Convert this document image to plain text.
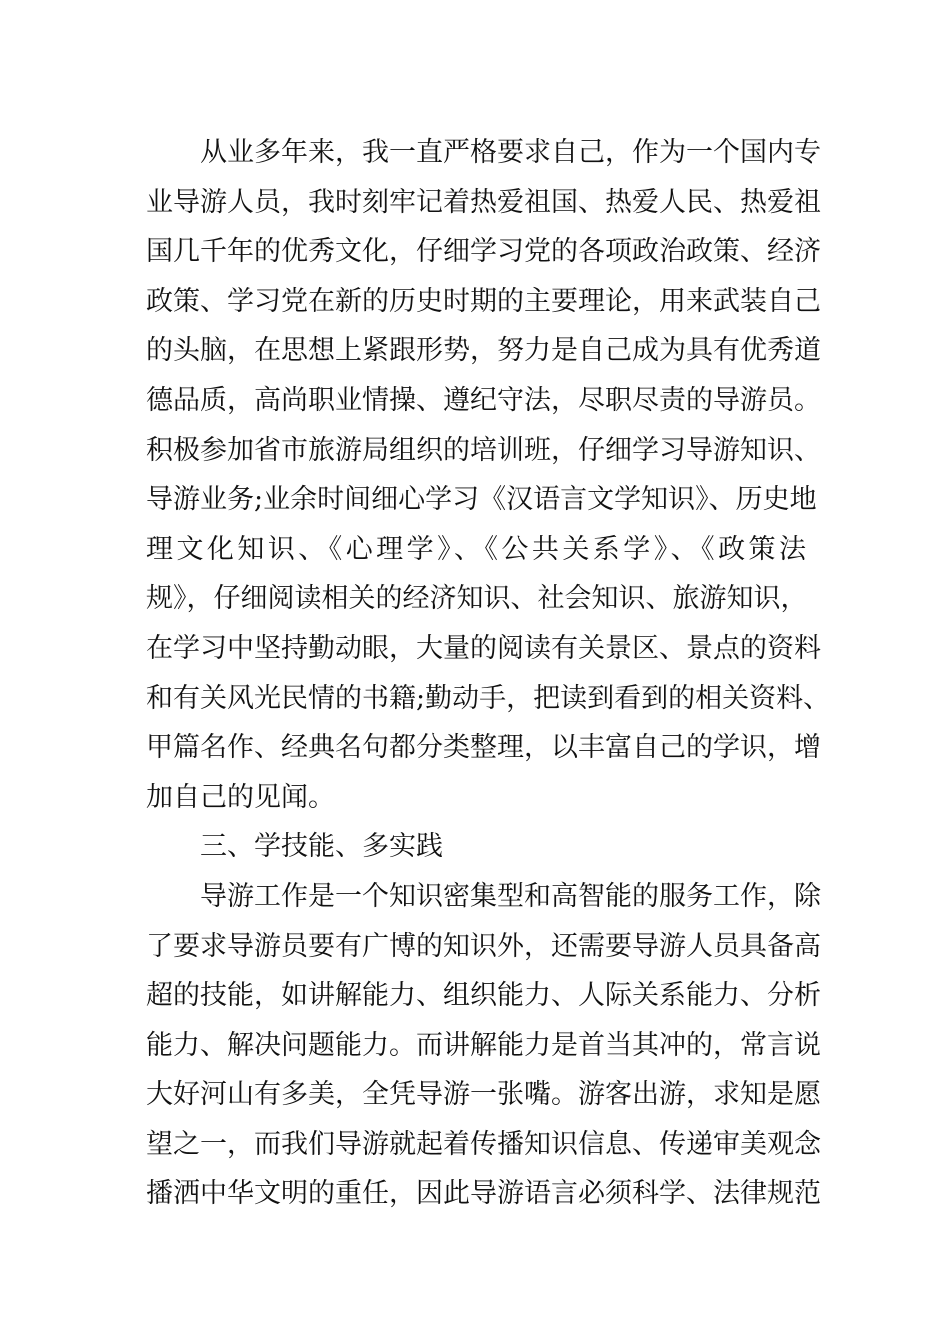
从业多年来，我一直严格要求自己，作为一个国内专
业导游人员，我时刻牢记着热爱祖国、热爱人民、热爱祖
国几千年的优秀文化，仔细学习党的各项政治政策、经济
政策、学习党在新的历史时期的主要理论，用来武装自己
的头脑，在思想上紧跟形势，努力是自己成为具有优秀道
德品质，高尚职业情操、遵纪守法，尽职尽责的导游员。
积极参加省市旅游局组织的培训班，仔细学习导游知识、
导游业务;业余时间细心学习《汉语言文学知识》、历史地
理文化知识、《心理学》、《公共关系学》、《政策法
规》，仔细阅读相关的经济知识、社会知识、旅游知识，
在学习中坚持勤动眼，大量的阅读有关景区、景点的资料
和有关风光民情的书籍;勤动手，把读到看到的相关资料、
甲篇名作、经典名句都分类整理，以丰富自己的学识，增
加自己的见闻。
三、学技能、多实践
导游工作是一个知识密集型和高智能的服务工作，除
了要求导游员要有广博的知识外，还需要导游人员具备高
超的技能，如讲解能力、组织能力、人际关系能力、分析
能力、解决问题能力。而讲解能力是首当其冲的，常言说
大好河山有多美，全凭导游一张嘴。游客出游，求知是愿
望之一，而我们导游就起着传播知识信息、传递审美观念
播洒中华文明的重任，因此导游语言必须科学、法律规范
